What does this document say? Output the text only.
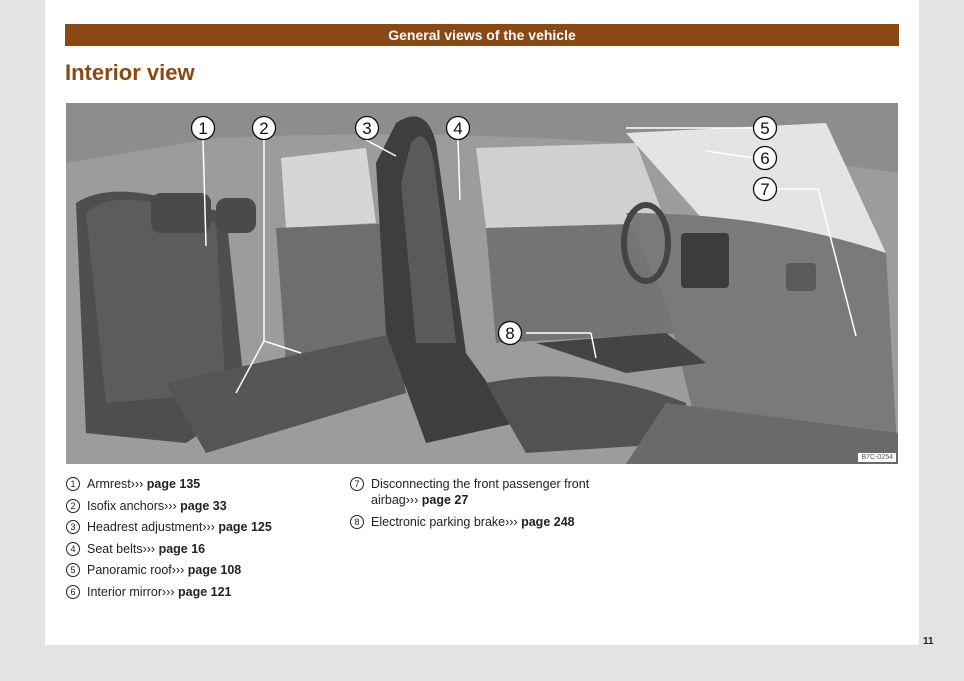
General views of the vehicle
Interior view
1	2	3	4	5
6
7
8
B7C-0254
1 Armrest››› page 135
2 Isofix anchors››› page 33
3 Headrest adjustment››› page 125
4 Seat belts››› page 16
5 Panoramic roof››› page 108
6 Interior mirror››› page 121
7 Disconnecting the front passenger front airbag››› page 27
8 Electronic parking brake››› page 248
11
